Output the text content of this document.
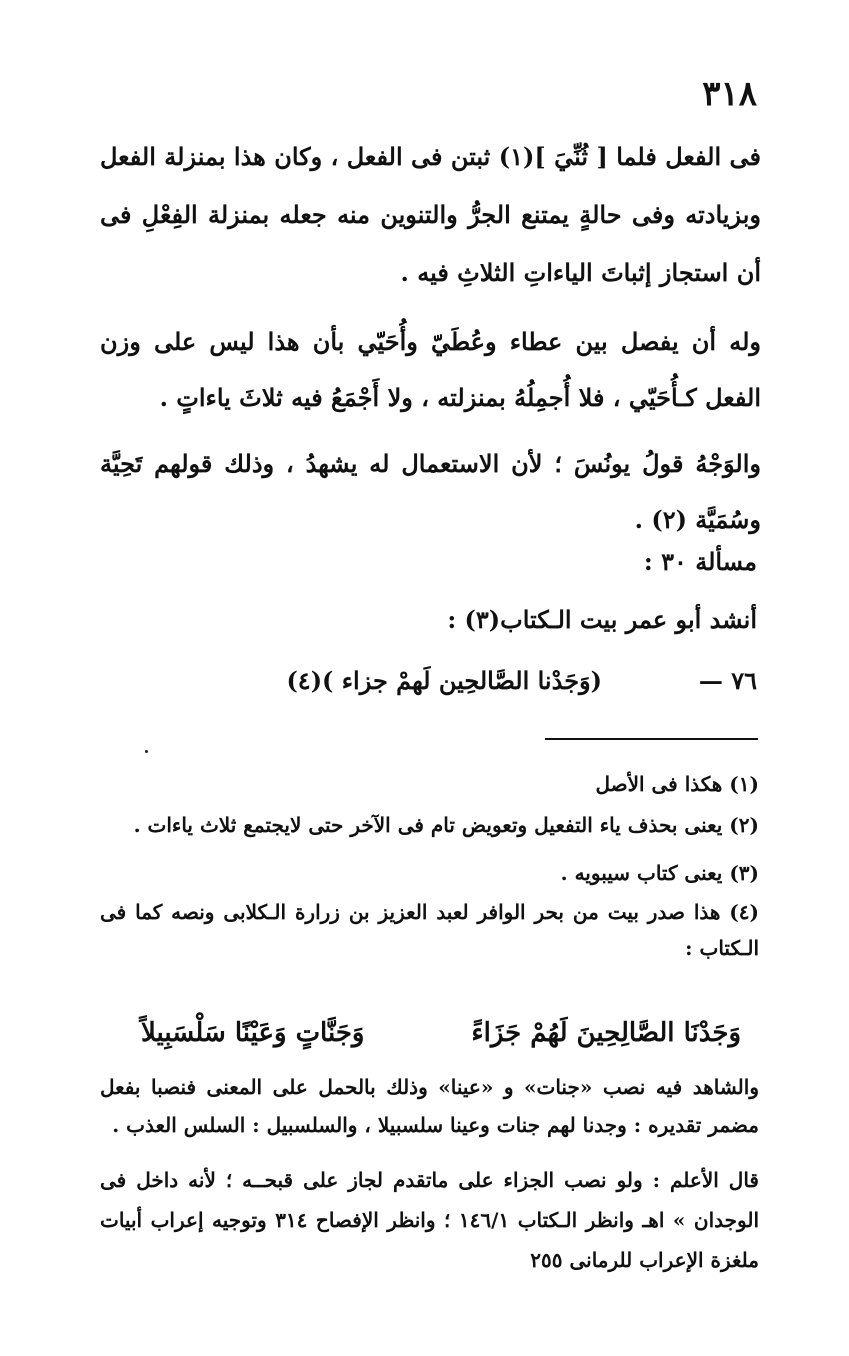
٣١٨

فى الفعل فلما [ ثُنِّيَ ](١) ثبتن فى الفعل ، وكان هذا بمنزلة الفعل وبزيادته وفى حالةٍ يمتنع الجرُّ والتنوين منه جعله بمنزلة الفِعْلِ فى أن استجاز إثباتَ الياءاتِ الثلاثِ فيه .

وله أن يفصل بين عطاء وعُطَيّ وأُحَيّي بأن هذا ليس على وزن الفعل كـأُحَيّي ، فلا أُجمِلُهُ بمنزلته ، ولا أَجْمَعُ فيه ثلاثَ ياءاتٍ .

والوَجْهُ قولُ يونُسَ ؛ لأن الاستعمال له يشهدُ ، وذلك قولهم تَحِيَّة وسُمَيَّة (٢) .

مسألة ٣٠ :
أنشد أبو عمر بيت الـكتاب(٣) :
٧٦ —
(وَجَدْنا الصَّالحِين لَهمْ جزاء )(٤)

(١) هكذا فى الأصل

(٢) يعنى بحذف ياء التفعيل وتعويض تام فى الآخر حتى لايجتمع ثلاث ياءات .

(٣) يعنى كتاب سيبويه .

(٤) هذا صدر بيت من بحر الوافر لعبد العزيز بن زرارة الـكلابى ونصه كما فى الـكتاب :

وَجَدْنَا الصَّالِحِينَ لَهُمْ جَزَاءً
وَجَنَّاتٍ وَعَيْنًا سَلْسَبِيلاً

والشاهد فيه نصب «جنات» و «عينا» وذلك بالحمل على المعنى فنصبا بفعل مضمر تقديره : وجدنا لهم جنات وعينا سلسبيلا ، والسلسبيل : السلس العذب .

قال الأعلم : ولو نصب الجزاء على ماتقدم لجاز على قبحــه ؛ لأنه داخل فى الوجدان » اهـ وانظر الـكتاب ١٤٦/١ ؛ وانظر الإفصاح ٣١٤ وتوجيه إعراب أبيات ملغزة الإعراب للرمانى ٢٥٥
